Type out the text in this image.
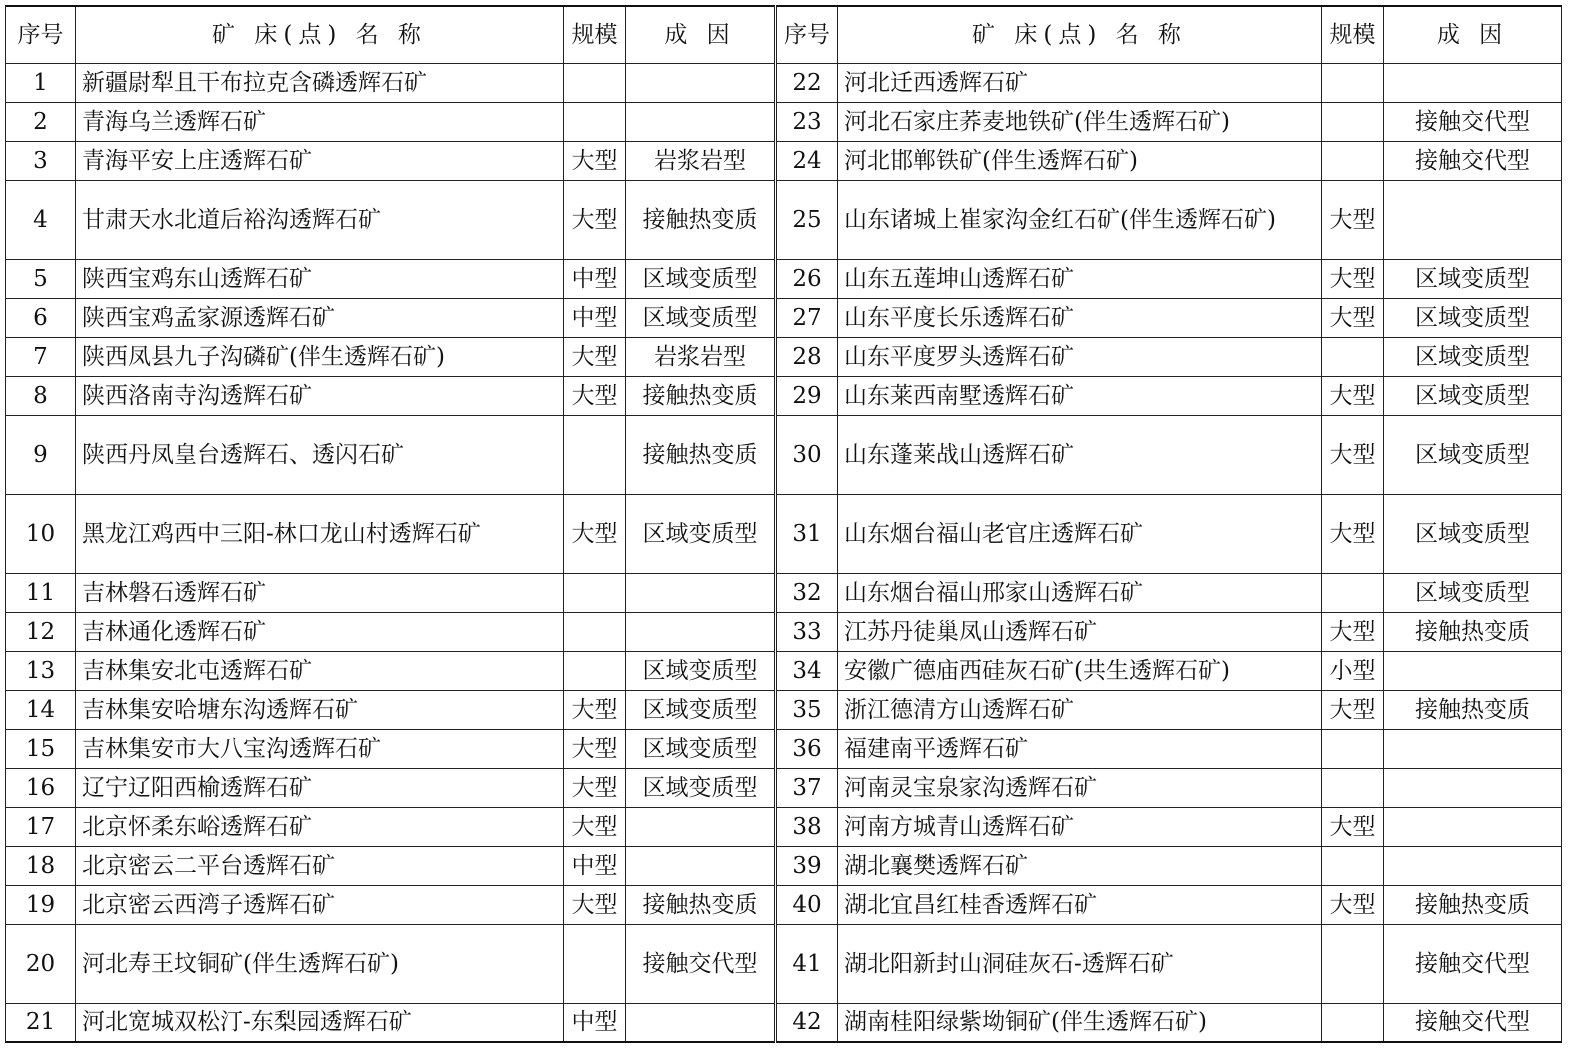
序号	矿 床(点) 名 称	规模	成 因	序号	矿 床(点) 名 称	规模	成 因
1	新疆尉犁且干布拉克含磷透辉石矿			22	河北迁西透辉石矿		
2	青海乌兰透辉石矿			23	河北石家庄荞麦地铁矿(伴生透辉石矿)		接触交代型
3	青海平安上庄透辉石矿	大型	岩浆岩型	24	河北邯郸铁矿(伴生透辉石矿)		接触交代型
4	甘肃天水北道后裕沟透辉石矿	大型	接触热变质	25	山东诸城上崔家沟金红石矿(伴生透辉石矿)	大型	
5	陕西宝鸡东山透辉石矿	中型	区域变质型	26	山东五莲坤山透辉石矿	大型	区域变质型
6	陕西宝鸡孟家源透辉石矿	中型	区域变质型	27	山东平度长乐透辉石矿	大型	区域变质型
7	陕西凤县九子沟磷矿(伴生透辉石矿)	大型	岩浆岩型	28	山东平度罗头透辉石矿		区域变质型
8	陕西洛南寺沟透辉石矿	大型	接触热变质	29	山东莱西南墅透辉石矿	大型	区域变质型
9	陕西丹凤皇台透辉石、透闪石矿		接触热变质	30	山东蓬莱战山透辉石矿	大型	区域变质型
10	黑龙江鸡西中三阳-林口龙山村透辉石矿	大型	区域变质型	31	山东烟台福山老官庄透辉石矿	大型	区域变质型
11	吉林磐石透辉石矿			32	山东烟台福山邢家山透辉石矿		区域变质型
12	吉林通化透辉石矿			33	江苏丹徒巢凤山透辉石矿	大型	接触热变质
13	吉林集安北屯透辉石矿		区域变质型	34	安徽广德庙西硅灰石矿(共生透辉石矿)	小型	
14	吉林集安哈塘东沟透辉石矿	大型	区域变质型	35	浙江德清方山透辉石矿	大型	接触热变质
15	吉林集安市大八宝沟透辉石矿	大型	区域变质型	36	福建南平透辉石矿		
16	辽宁辽阳西榆透辉石矿	大型	区域变质型	37	河南灵宝泉家沟透辉石矿		
17	北京怀柔东峪透辉石矿	大型		38	河南方城青山透辉石矿	大型	
18	北京密云二平台透辉石矿	中型		39	湖北襄樊透辉石矿		
19	北京密云西湾子透辉石矿	大型	接触热变质	40	湖北宜昌红桂香透辉石矿	大型	接触热变质
20	河北寿王坟铜矿(伴生透辉石矿)		接触交代型	41	湖北阳新封山洞硅灰石-透辉石矿		接触交代型
21	河北宽城双松汀-东梨园透辉石矿	中型		42	湖南桂阳绿紫坳铜矿(伴生透辉石矿)		接触交代型
